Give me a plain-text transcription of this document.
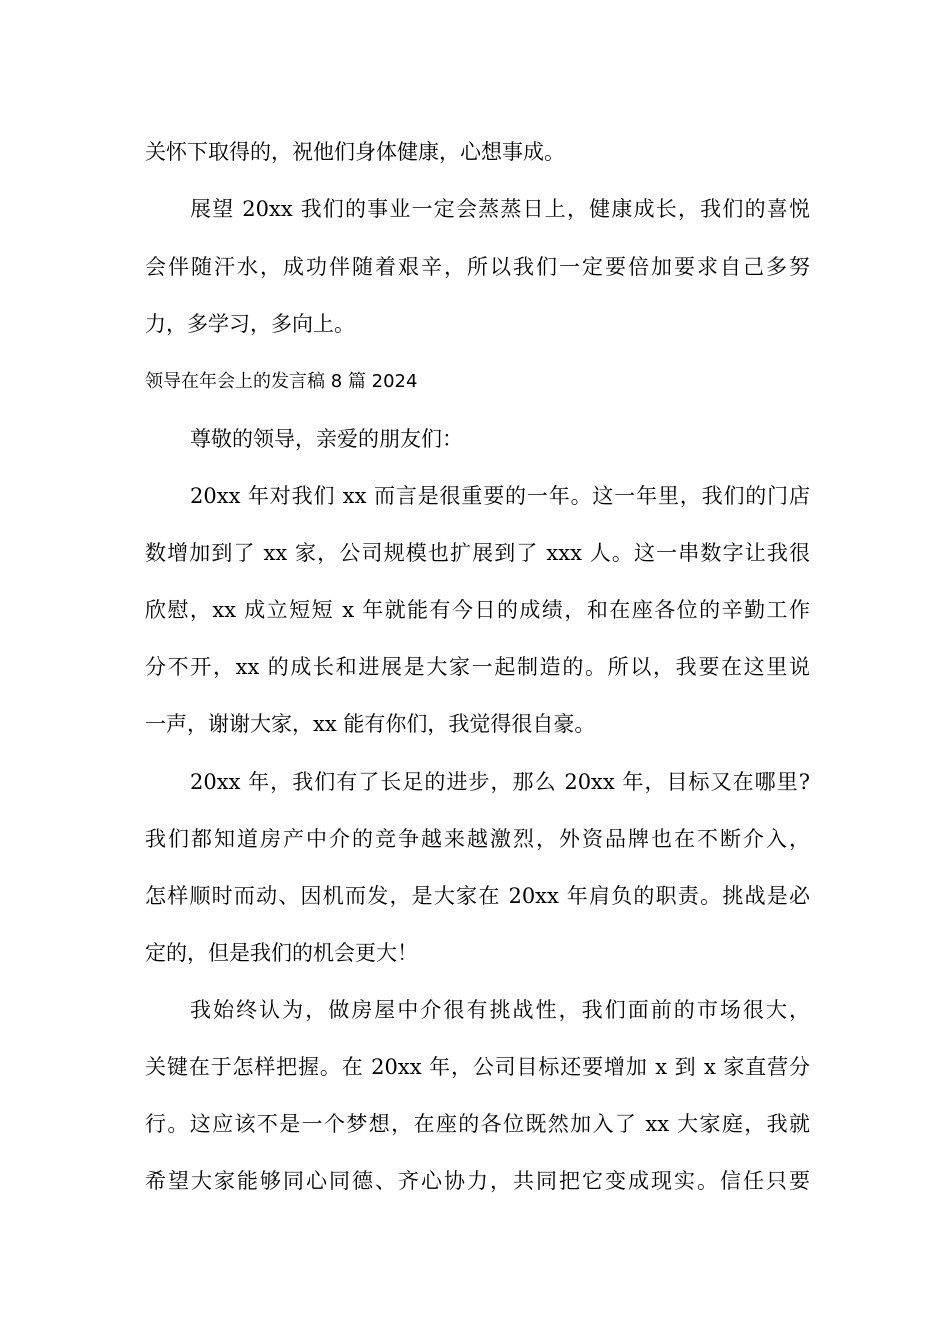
关怀下取得的，祝他们身体健康，心想事成。
展望 20xx 我们的事业一定会蒸蒸日上，健康成长，我们的喜悦
会伴随汗水，成功伴随着艰辛，所以我们一定要倍加要求自己多努
力，多学习，多向上。
领导在年会上的发言稿 8 篇 2024
尊敬的领导，亲爱的朋友们：
20xx 年对我们 xx 而言是很重要的一年。这一年里，我们的门店
数增加到了 xx 家，公司规模也扩展到了 xxx 人。这一串数字让我很
欣慰，xx 成立短短 x 年就能有今日的成绩，和在座各位的辛勤工作
分不开，xx 的成长和进展是大家一起制造的。所以，我要在这里说
一声，谢谢大家，xx 能有你们，我觉得很自豪。
20xx 年，我们有了长足的进步，那么 20xx 年，目标又在哪里?
我们都知道房产中介的竞争越来越激烈，外资品牌也在不断介入，
怎样顺时而动、因机而发，是大家在 20xx 年肩负的职责。挑战是必
定的，但是我们的机会更大！
我始终认为，做房屋中介很有挑战性，我们面前的市场很大，
关键在于怎样把握。在 20xx 年，公司目标还要增加 x 到 x 家直营分
行。这应该不是一个梦想，在座的各位既然加入了 xx 大家庭，我就
希望大家能够同心同德、齐心协力，共同把它变成现实。信任只要
